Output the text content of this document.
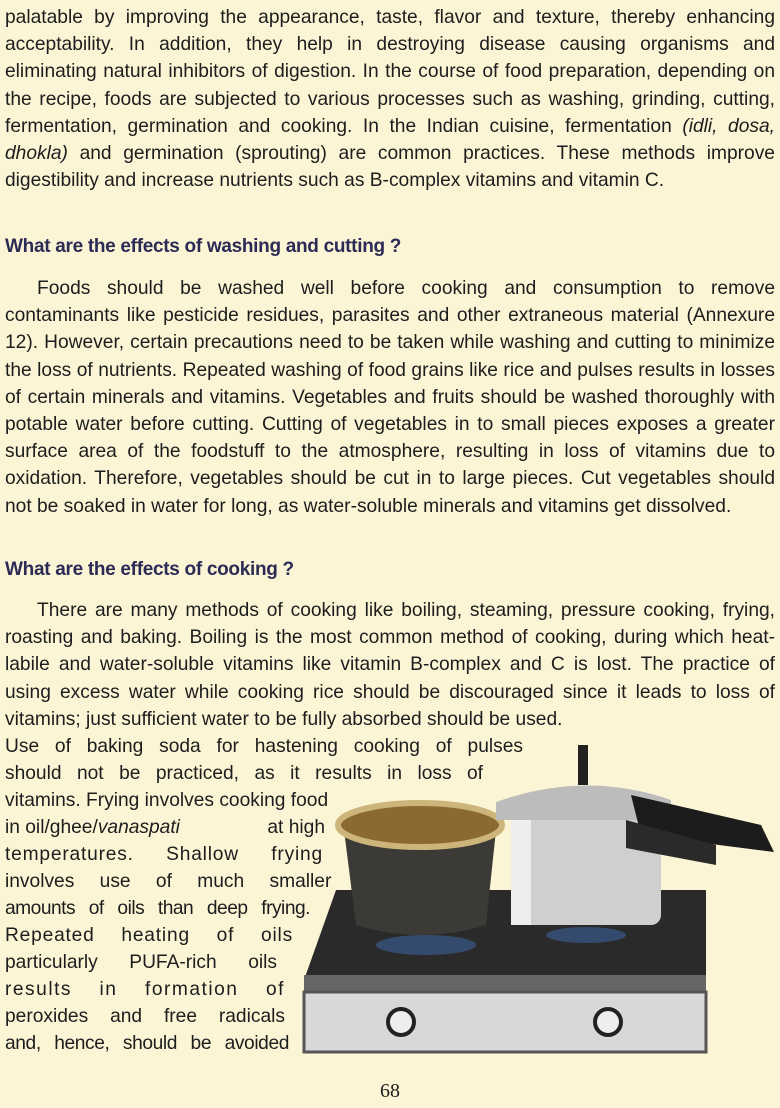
palatable by improving the appearance, taste, flavor and texture, thereby enhancing acceptability. In addition, they help in destroying disease causing organisms and eliminating natural inhibitors of digestion. In the course of food preparation, depending on the recipe, foods are subjected to various processes such as washing, grinding, cutting, fermentation, germination and cooking. In the Indian cuisine, fermentation (idli, dosa, dhokla) and germination (sprouting) are common practices. These methods improve digestibility and increase nutrients such as B-complex vitamins and vitamin C.

What are the effects of washing and cutting ?

Foods should be washed well before cooking and consumption to remove contaminants like pesticide residues, parasites and other extraneous material (Annexure 12). However, certain precautions need to be taken while washing and cutting to minimize the loss of nutrients. Repeated washing of food grains like rice and pulses results in losses of certain minerals and vitamins. Vegetables and fruits should be washed thoroughly with potable water before cutting. Cutting of vegetables in to small pieces exposes a greater surface area of the foodstuff to the atmosphere, resulting in loss of vitamins due to oxidation. Therefore, vegetables should be cut in to large pieces. Cut vegetables should not be soaked in water for long, as water-soluble minerals and vitamins get dissolved.

What are the effects of cooking ?

There are many methods of cooking like boiling, steaming, pressure cooking, frying, roasting and baking. Boiling is the most common method of cooking, during which heat-labile and water-soluble vitamins like vitamin B-complex and C is lost. The practice of using excess water while cooking rice should be discouraged since it leads to loss of vitamins; just sufficient water to be fully absorbed should be used.

Use of baking soda for hastening cooking of pulses
should not be practiced, as it results in loss of
vitamins. Frying involves cooking food
in oil/ghee/vanaspati	at high
temperatures. Shallow frying
involves use of much smaller
amounts of oils than deep frying.
Repeated heating of oils
particularly PUFA-rich oils
results in formation of
peroxides and free radicals
and, hence, should be avoided
68
